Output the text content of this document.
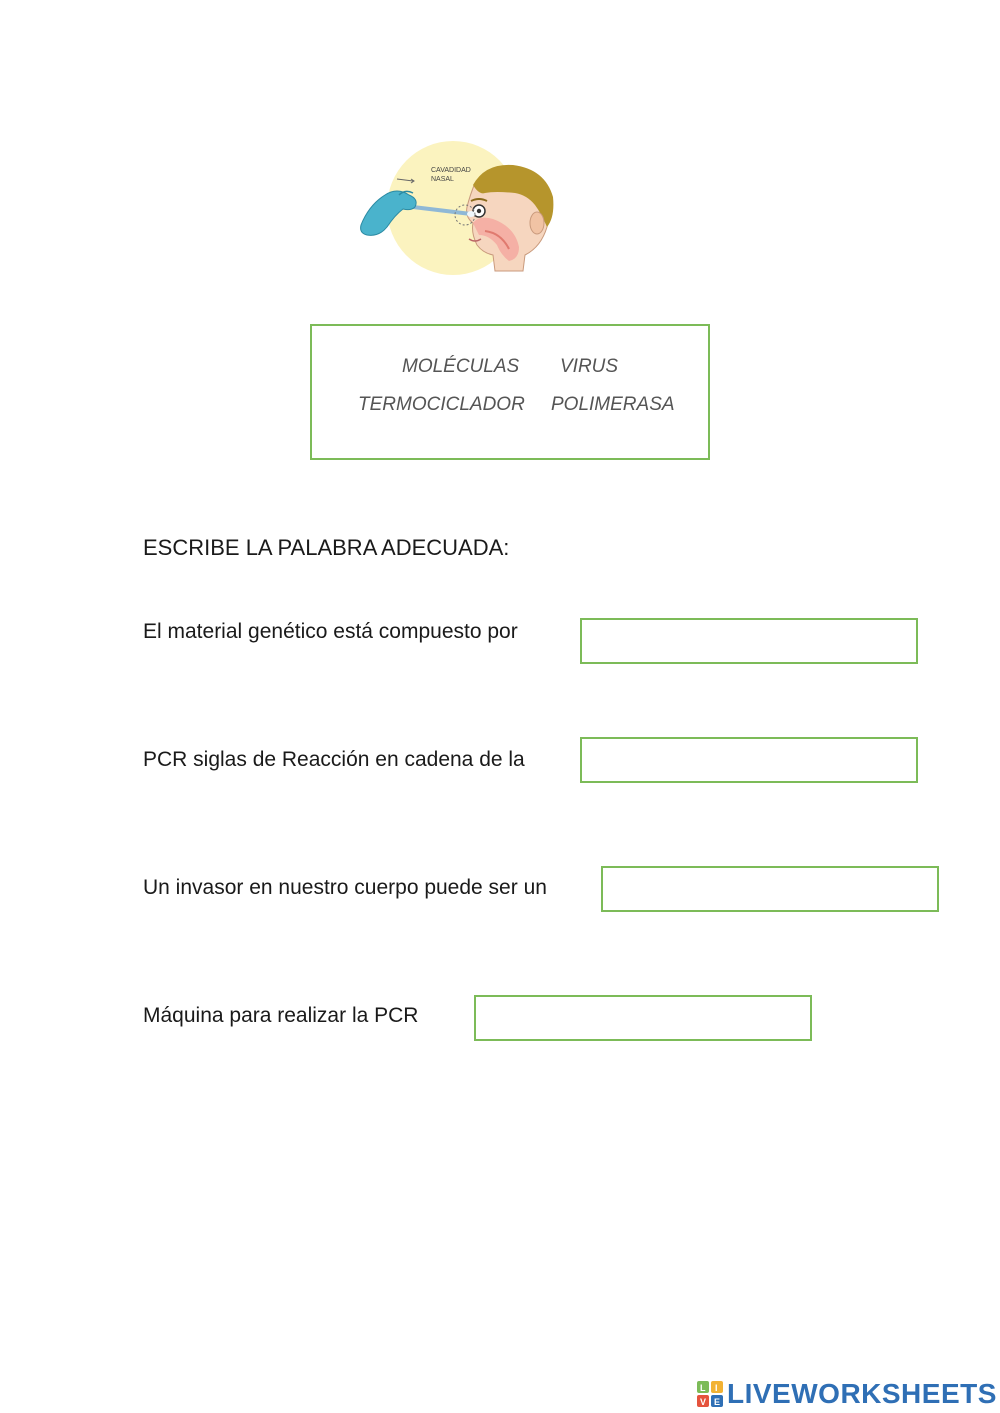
CAVADIDAD
NASAL
MOLÉCULAS VIRUS
TERMOCICLADOR POLIMERASA
ESCRIBE LA PALABRA ADECUADA:
El material genético está compuesto por
PCR siglas de Reacción en cadena de la
Un invasor en nuestro cuerpo puede ser un
Máquina para realizar la PCR
L I
V E LIVEWORKSHEETS
